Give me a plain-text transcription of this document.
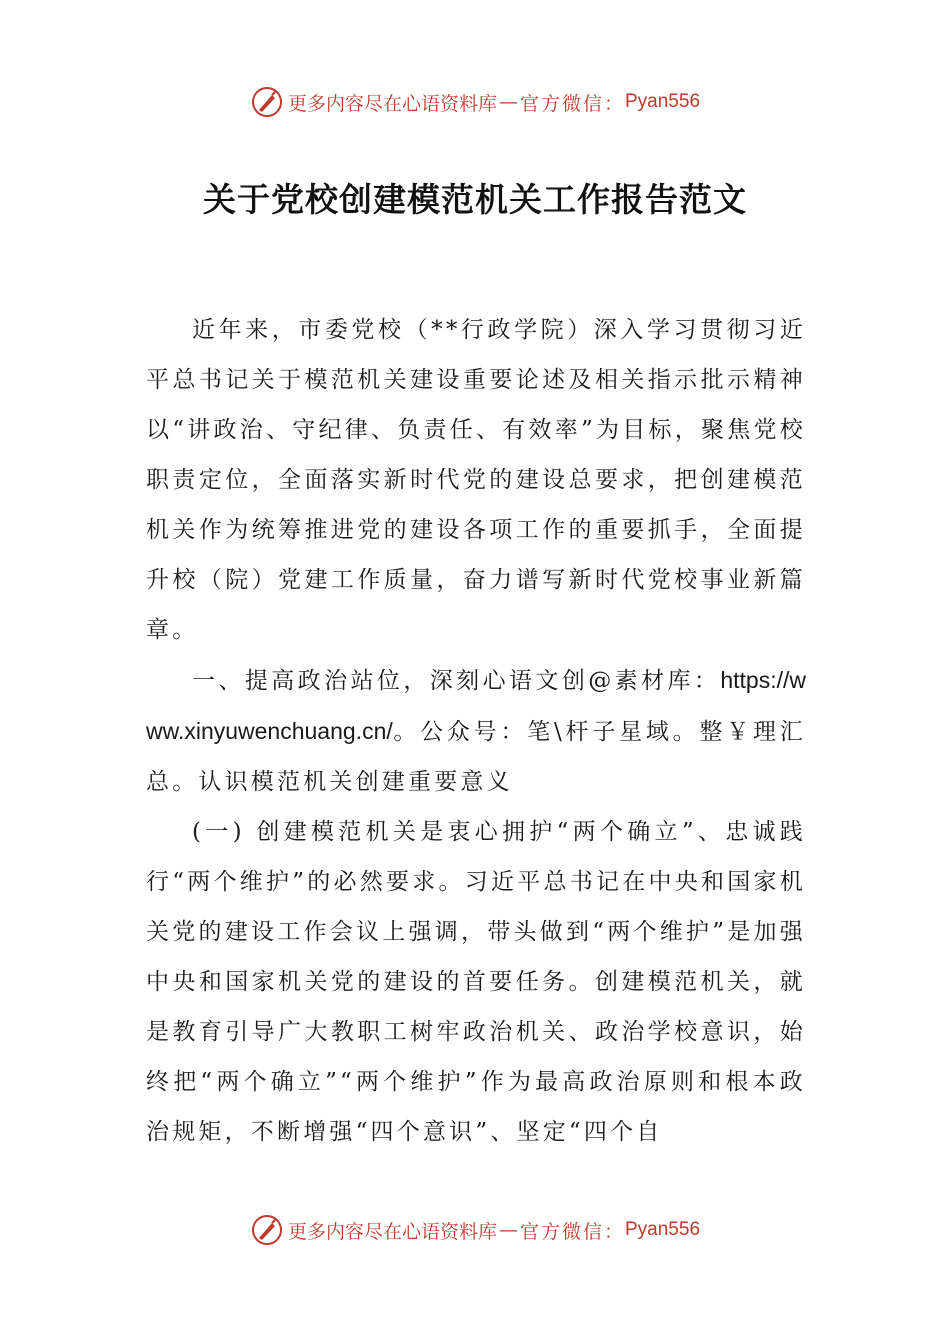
更多内容尽在心语资料库 — 官方微信： Pyan556
关于党校创建模范机关工作报告范文

近年来，市委党校（**行政学院）深入学习贯彻习近平总书记关于模范机关建设重要论述及相关指示批示精神以“讲政治、守纪律、负责任、有效率”为目标，聚焦党校职责定位，全面落实新时代党的建设总要求，把创建模范机关作为统筹推进党的建设各项工作的重要抓手，全面提升校（院）党建工作质量，奋力谱写新时代党校事业新篇章。

一、提高政治站位，深刻心语文创@素材库：https://www.xinyuwenchuang.cn/。公众号：笔\杆子星域。整￥理汇总。认识模范机关创建重要意义

(一) 创建模范机关是衷心拥护“两个确立”、忠诚践行“两个维护”的必然要求。习近平总书记在中央和国家机关党的建设工作会议上强调，带头做到“两个维护”是加强中央和国家机关党的建设的首要任务。创建模范机关，就是教育引导广大教职工树牢政治机关、政治学校意识，始终把“两个确立”“两个维护”作为最高政治原则和根本政治规矩，不断增强“四个意识”、坚定“四个自

更多内容尽在心语资料库 — 官方微信： Pyan556
